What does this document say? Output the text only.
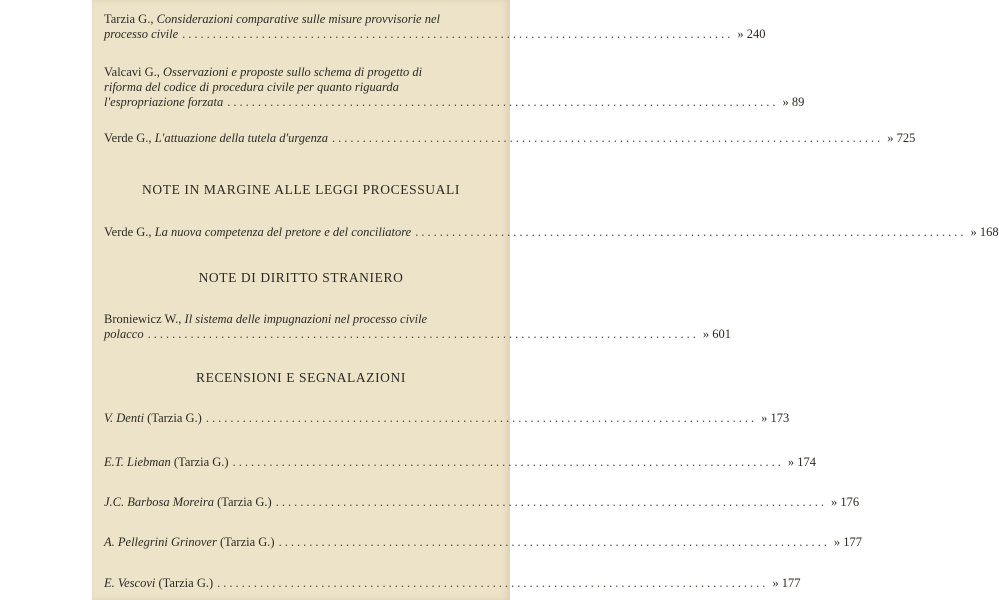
Tarzia G., Considerazioni comparative sulle misure provvisorie nel
processo civile .......................................................................................... » 240
Valcavi G., Osservazioni e proposte sullo schema di progetto di
riforma del codice di procedura civile per quanto riguarda
l'espropriazione forzata .......................................................................................... » 89
Verde G.,
L'attuazione della tutela d'urgenza .......................................................................................... » 725
NOTE IN MARGINE ALLE LEGGI PROCESSUALI
Verde G.,
La nuova competenza del pretore e del conciliatore .......................................................................................... » 168
NOTE DI DIRITTO STRANIERO
Broniewicz W., Il sistema delle impugnazioni nel processo civile
polacco .......................................................................................... » 601
RECENSIONI E SEGNALAZIONI
V. Denti
(Tarzia G.) .......................................................................................... » 173
E.T. Liebman
(Tarzia G.) .......................................................................................... » 174
J.C. Barbosa Moreira
(Tarzia G.) .......................................................................................... » 176
A. Pellegrini Grinover
(Tarzia G.) .......................................................................................... » 177
E. Vescovi
(Tarzia G.) .......................................................................................... » 177
